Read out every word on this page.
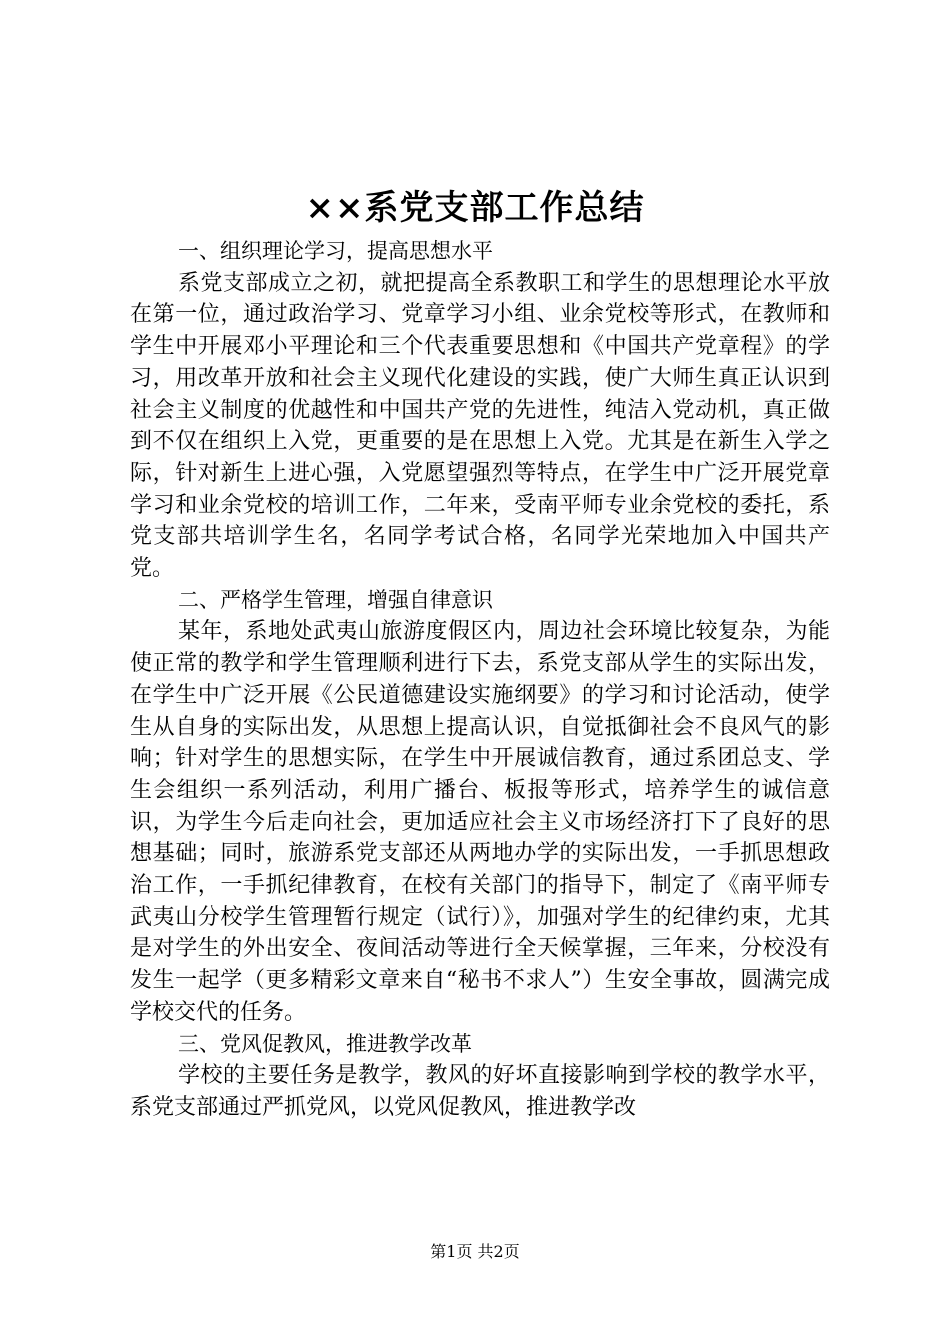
××系党支部工作总结

一、组织理论学习，提高思想水平

系党支部成立之初，就把提高全系教职工和学生的思想理论水平放在第一位，通过政治学习、党章学习小组、业余党校等形式，在教师和学生中开展邓小平理论和三个代表重要思想和《中国共产党章程》的学习，用改革开放和社会主义现代化建设的实践，使广大师生真正认识到社会主义制度的优越性和中国共产党的先进性，纯洁入党动机，真正做到不仅在组织上入党，更重要的是在思想上入党。尤其是在新生入学之际，针对新生上进心强，入党愿望强烈等特点，在学生中广泛开展党章学习和业余党校的培训工作，二年来，受南平师专业余党校的委托，系党支部共培训学生名，名同学考试合格，名同学光荣地加入中国共产党。

二、严格学生管理，增强自律意识

某年，系地处武夷山旅游度假区内，周边社会环境比较复杂，为能使正常的教学和学生管理顺利进行下去，系党支部从学生的实际出发，在学生中广泛开展《公民道德建设实施纲要》的学习和讨论活动，使学生从自身的实际出发，从思想上提高认识，自觉抵御社会不良风气的影响；针对学生的思想实际，在学生中开展诚信教育，通过系团总支、学生会组织一系列活动，利用广播台、板报等形式，培养学生的诚信意识，为学生今后走向社会，更加适应社会主义市场经济打下了良好的思想基础；同时，旅游系党支部还从两地办学的实际出发，一手抓思想政治工作，一手抓纪律教育，在校有关部门的指导下，制定了《南平师专武夷山分校学生管理暂行规定（试行）》，加强对学生的纪律约束，尤其是对学生的外出安全、夜间活动等进行全天候掌握，三年来，分校没有发生一起学（更多精彩文章来自“秘书不求人”）生安全事故，圆满完成学校交代的任务。

三、党风促教风，推进教学改革

学校的主要任务是教学，教风的好坏直接影响到学校的教学水平，系党支部通过严抓党风，以党风促教风，推进教学改

第1页 共2页
